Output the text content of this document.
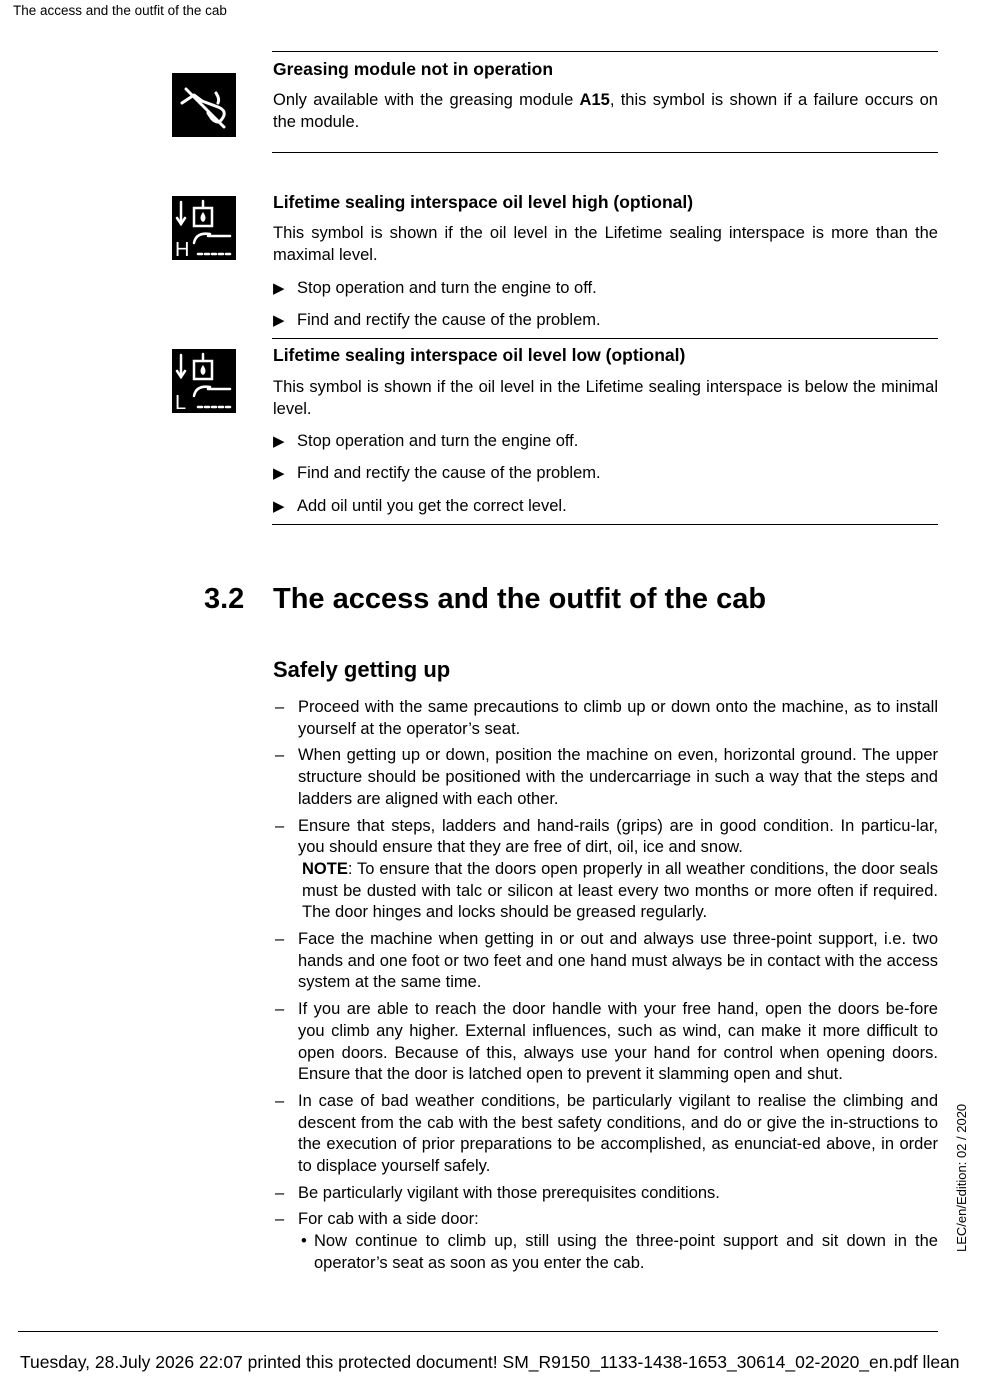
The access and the outfit of the cab
Greasing module not in operation
Only available with the greasing module A15, this symbol is shown if a failure occurs on the module.
H
Lifetime sealing interspace oil level high (optional)
This symbol is shown if the oil level in the Lifetime sealing interspace is more than the maximal level.
▶ Stop operation and turn the engine to off.
▶ Find and rectify the cause of the problem.
L
Lifetime sealing interspace oil level low (optional)
This symbol is shown if the oil level in the Lifetime sealing interspace is below the minimal level.
▶ Stop operation and turn the engine off.
▶ Find and rectify the cause of the problem.
▶ Add oil until you get the correct level.
3.2 The access and the outfit of the cab
Safely getting up
– Proceed with the same precautions to climb up or down onto the machine, as to install yourself at the operator’s seat.
– When getting up or down, position the machine on even, horizontal ground. The upper structure should be positioned with the undercarriage in such a way that the steps and ladders are aligned with each other.
– Ensure that steps, ladders and hand-rails (grips) are in good condition. In particu-lar, you should ensure that they are free of dirt, oil, ice and snow.
NOTE: To ensure that the doors open properly in all weather conditions, the door seals must be dusted with talc or silicon at least every two months or more often if required. The door hinges and locks should be greased regularly.
– Face the machine when getting in or out and always use three-point support, i.e. two hands and one foot or two feet and one hand must always be in contact with the access system at the same time.
– If you are able to reach the door handle with your free hand, open the doors be-fore you climb any higher. External influences, such as wind, can make it more difficult to open doors. Because of this, always use your hand for control when opening doors. Ensure that the door is latched open to prevent it slamming open and shut.
– In case of bad weather conditions, be particularly vigilant to realise the climbing and descent from the cab with the best safety conditions, and do or give the in-structions to the execution of prior preparations to be accomplished, as enunciat-ed above, in order to displace yourself safely.
– Be particularly vigilant with those prerequisites conditions.
– For cab with a side door:
• Now continue to climb up, still using the three-point support and sit down in the operator’s seat as soon as you enter the cab.
LEC/en/Edition: 02 / 2020
Tuesday, 28.July 2026 22:07 printed this protected document! SM_R9150_1133-1438-1653_30614_02-2020_en.pdf llean
